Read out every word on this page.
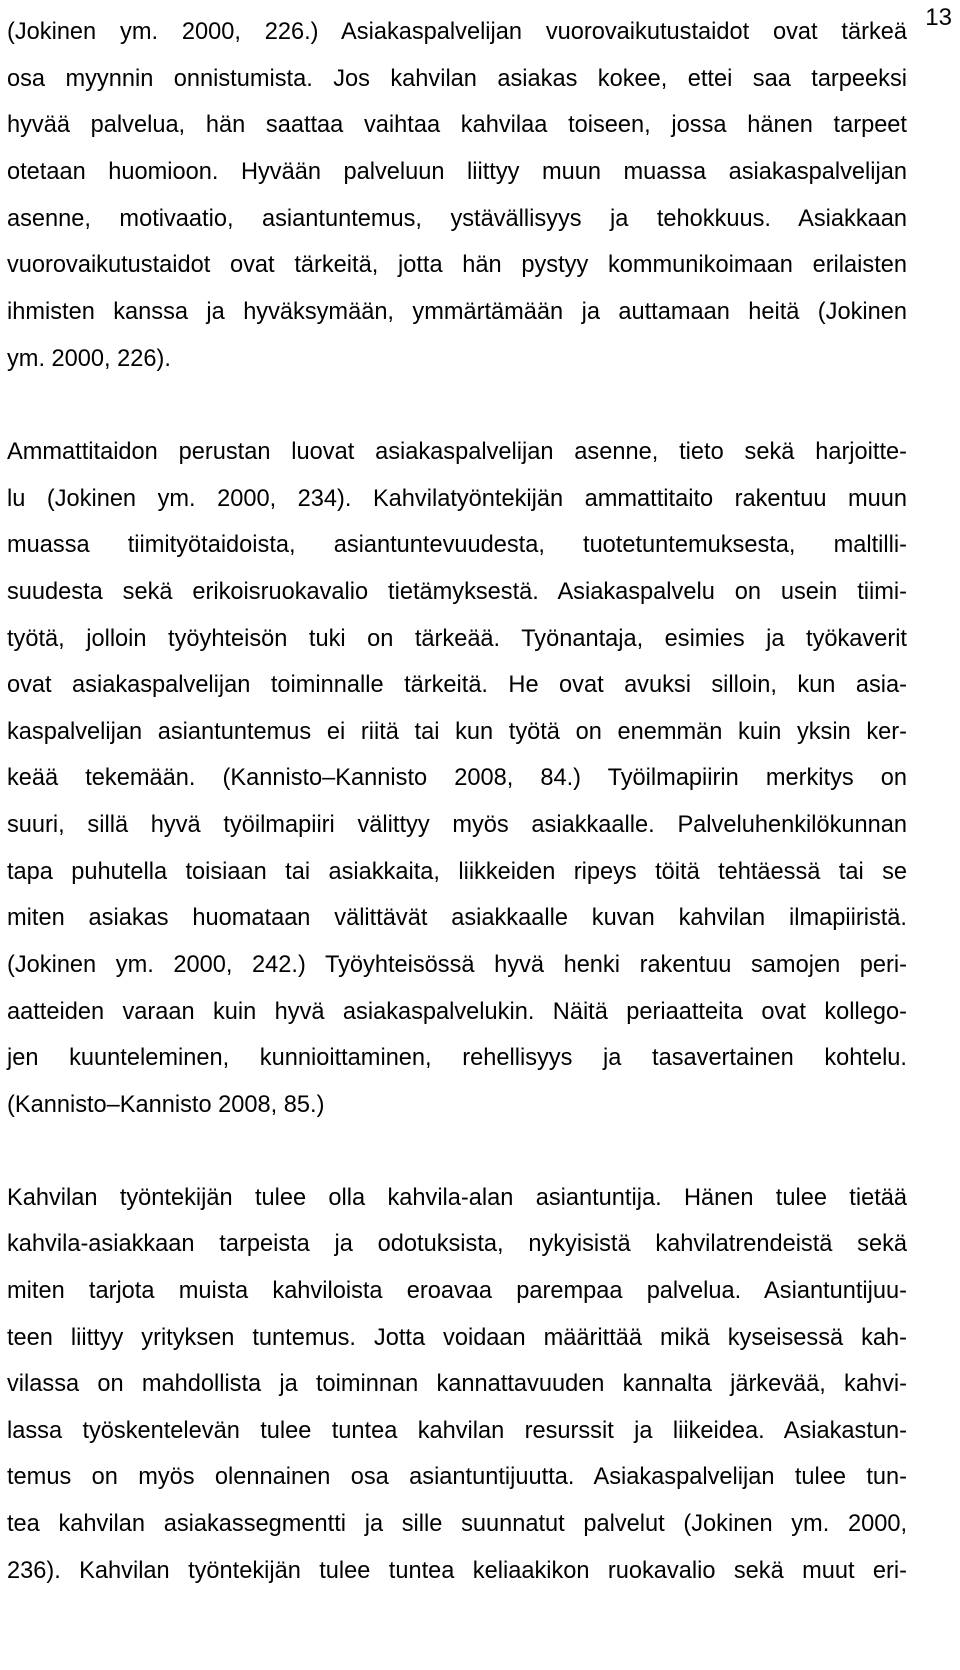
13
(Jokinen ym. 2000, 226.) Asiakaspalvelijan vuorovaikutustaidot ovat tärkeä
osa myynnin onnistumista. Jos kahvilan asiakas kokee, ettei saa tarpeeksi
hyvää palvelua, hän saattaa vaihtaa kahvilaa toiseen, jossa hänen tarpeet
otetaan huomioon. Hyvään palveluun liittyy muun muassa asiakaspalvelijan
asenne, motivaatio, asiantuntemus, ystävällisyys ja tehokkuus. Asiakkaan
vuorovaikutustaidot ovat tärkeitä, jotta hän pystyy kommunikoimaan erilaisten
ihmisten kanssa ja hyväksymään, ymmärtämään ja auttamaan heitä (Jokinen
ym. 2000, 226).
Ammattitaidon perustan luovat asiakaspalvelijan asenne, tieto sekä harjoitte-
lu (Jokinen ym. 2000, 234). Kahvilatyöntekijän ammattitaito rakentuu muun
muassa tiimityötaidoista, asiantuntevuudesta, tuotetuntemuksesta, maltilli-
suudesta sekä erikoisruokavalio tietämyksestä. Asiakaspalvelu on usein tiimi-
työtä, jolloin työyhteisön tuki on tärkeää. Työnantaja, esimies ja työkaverit
ovat asiakaspalvelijan toiminnalle tärkeitä. He ovat avuksi silloin, kun asia-
kaspalvelijan asiantuntemus ei riitä tai kun työtä on enemmän kuin yksin ker-
keää tekemään. (Kannisto–Kannisto 2008, 84.) Työilmapiirin merkitys on
suuri, sillä hyvä työilmapiiri välittyy myös asiakkaalle. Palveluhenkilökunnan
tapa puhutella toisiaan tai asiakkaita, liikkeiden ripeys töitä tehtäessä tai se
miten asiakas huomataan välittävät asiakkaalle kuvan kahvilan ilmapiiristä.
(Jokinen ym. 2000, 242.) Työyhteisössä hyvä henki rakentuu samojen peri-
aatteiden varaan kuin hyvä asiakaspalvelukin. Näitä periaatteita ovat kollego-
jen kuunteleminen, kunnioittaminen, rehellisyys ja tasavertainen kohtelu.
(Kannisto–Kannisto 2008, 85.)
Kahvilan työntekijän tulee olla kahvila-alan asiantuntija. Hänen tulee tietää
kahvila-asiakkaan tarpeista ja odotuksista, nykyisistä kahvilatrendeistä sekä
miten tarjota muista kahviloista eroavaa parempaa palvelua. Asiantuntijuu-
teen liittyy yrityksen tuntemus. Jotta voidaan määrittää mikä kyseisessä kah-
vilassa on mahdollista ja toiminnan kannattavuuden kannalta järkevää, kahvi-
lassa työskentelevän tulee tuntea kahvilan resurssit ja liikeidea. Asiakastun-
temus on myös olennainen osa asiantuntijuutta. Asiakaspalvelijan tulee tun-
tea kahvilan asiakassegmentti ja sille suunnatut palvelut (Jokinen ym. 2000,
236). Kahvilan työntekijän tulee tuntea keliaakikon ruokavalio sekä muut eri-
